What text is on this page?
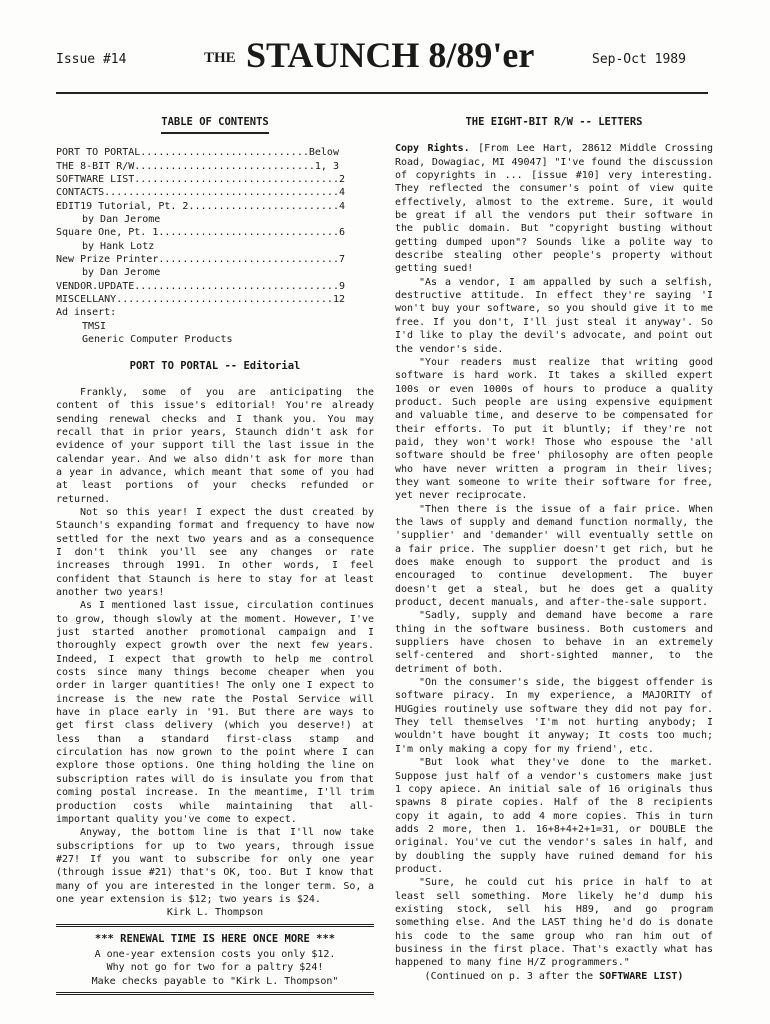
Issue #14	THE STAUNCH 8/89'er	Sep-Oct 1989
TABLE OF CONTENTS
PORT TO PORTAL............................Below
THE 8-BIT R/W..............................1, 3
SOFTWARE LIST..................................2
CONTACTS.......................................4
EDIT19 Tutorial, Pt. 2.........................4
by Dan Jerome
Square One, Pt. 1..............................6
by Hank Lotz
New Prize Printer..............................7
by Dan Jerome
VENDOR.UPDATE..................................9
MISCELLANY....................................12
Ad insert:
TMSI
Generic Computer Products
PORT TO PORTAL -- Editorial

Frankly, some of you are anticipating the content of this issue's editorial! You're already sending renewal checks and I thank you. You may recall that in prior years, Staunch didn't ask for evidence of your support till the last issue in the calendar year. And we also didn't ask for more than a year in advance, which meant that some of you had at least portions of your checks refunded or returned.

Not so this year! I expect the dust created by Staunch's expanding format and frequency to have now settled for the next two years and as a consequence I don't think you'll see any changes or rate increases through 1991. In other words, I feel confident that Staunch is here to stay for at least another two years!

As I mentioned last issue, circulation continues to grow, though slowly at the moment. However, I've just started another promotional campaign and I thoroughly expect growth over the next few years. Indeed, I expect that growth to help me control costs since many things become cheaper when you order in larger quantities! The only one I expect to increase is the new rate the Postal Service will have in place early in '91. But there are ways to get first class delivery (which you deserve!) at less than a standard first-class stamp and circulation has now grown to the point where I can explore those options. One thing holding the line on subscription rates will do is insulate you from that coming postal increase. In the meantime, I'll trim production costs while maintaining that all-important quality you've come to expect.

Anyway, the bottom line is that I'll now take subscriptions for up to two years, through issue #27! If you want to subscribe for only one year (through issue #21) that's OK, too. But I know that many of you are interested in the longer term. So, a one year extension is $12; two years is $24.

Kirk L. Thompson
*** RENEWAL TIME IS HERE ONCE MORE ***
A one-year extension costs you only $12.
Why not go for two for a paltry $24!
Make checks payable to "Kirk L. Thompson"
THE EIGHT-BIT R/W -- LETTERS

Copy Rights. [From Lee Hart, 28612 Middle Crossing Road, Dowagiac, MI 49047] "I've found the discussion of copyrights in ... [issue #10] very interesting. They reflected the consumer's point of view quite effectively, almost to the extreme. Sure, it would be great if all the vendors put their software in the public domain. But "copyright busting without getting dumped upon"? Sounds like a polite way to describe stealing other people's property without getting sued!

"As a vendor, I am appalled by such a selfish, destructive attitude. In effect they're saying 'I won't buy your software, so you should give it to me free. If you don't, I'll just steal it anyway'. So I'd like to play the devil's advocate, and point out the vendor's side.

"Your readers must realize that writing good software is hard work. It takes a skilled expert 100s or even 1000s of hours to produce a quality product. Such people are using expensive equipment and valuable time, and deserve to be compensated for their efforts. To put it bluntly; if they're not paid, they won't work! Those who espouse the 'all software should be free' philosophy are often people who have never written a program in their lives; they want someone to write their software for free, yet never reciprocate.

"Then there is the issue of a fair price. When the laws of supply and demand function normally, the 'supplier' and 'demander' will eventually settle on a fair price. The supplier doesn't get rich, but he does make enough to support the product and is encouraged to continue development. The buyer doesn't get a steal, but he does get a quality product, decent manuals, and after-the-sale support.

"Sadly, supply and demand have become a rare thing in the software business. Both customers and suppliers have chosen to behave in an extremely self-centered and short-sighted manner, to the detriment of both.

"On the consumer's side, the biggest offender is software piracy. In my experience, a MAJORITY of HUGgies routinely use software they did not pay for. They tell themselves 'I'm not hurting anybody; I wouldn't have bought it anyway; It costs too much; I'm only making a copy for my friend', etc.

"But look what they've done to the market. Suppose just half of a vendor's customers make just 1 copy apiece. An initial sale of 16 originals thus spawns 8 pirate copies. Half of the 8 recipients copy it again, to add 4 more copies. This in turn adds 2 more, then 1. 16+8+4+2+1=31, or DOUBLE the original. You've cut the vendor's sales in half, and by doubling the supply have ruined demand for his product.

"Sure, he could cut his price in half to at least sell something. More likely he'd dump his existing stock, sell his H89, and go program something else. And the LAST thing he'd do is donate his code to the same group who ran him out of business in the first place. That's exactly what has happened to many fine H/Z programmers."

(Continued on p. 3 after the SOFTWARE LIST)
